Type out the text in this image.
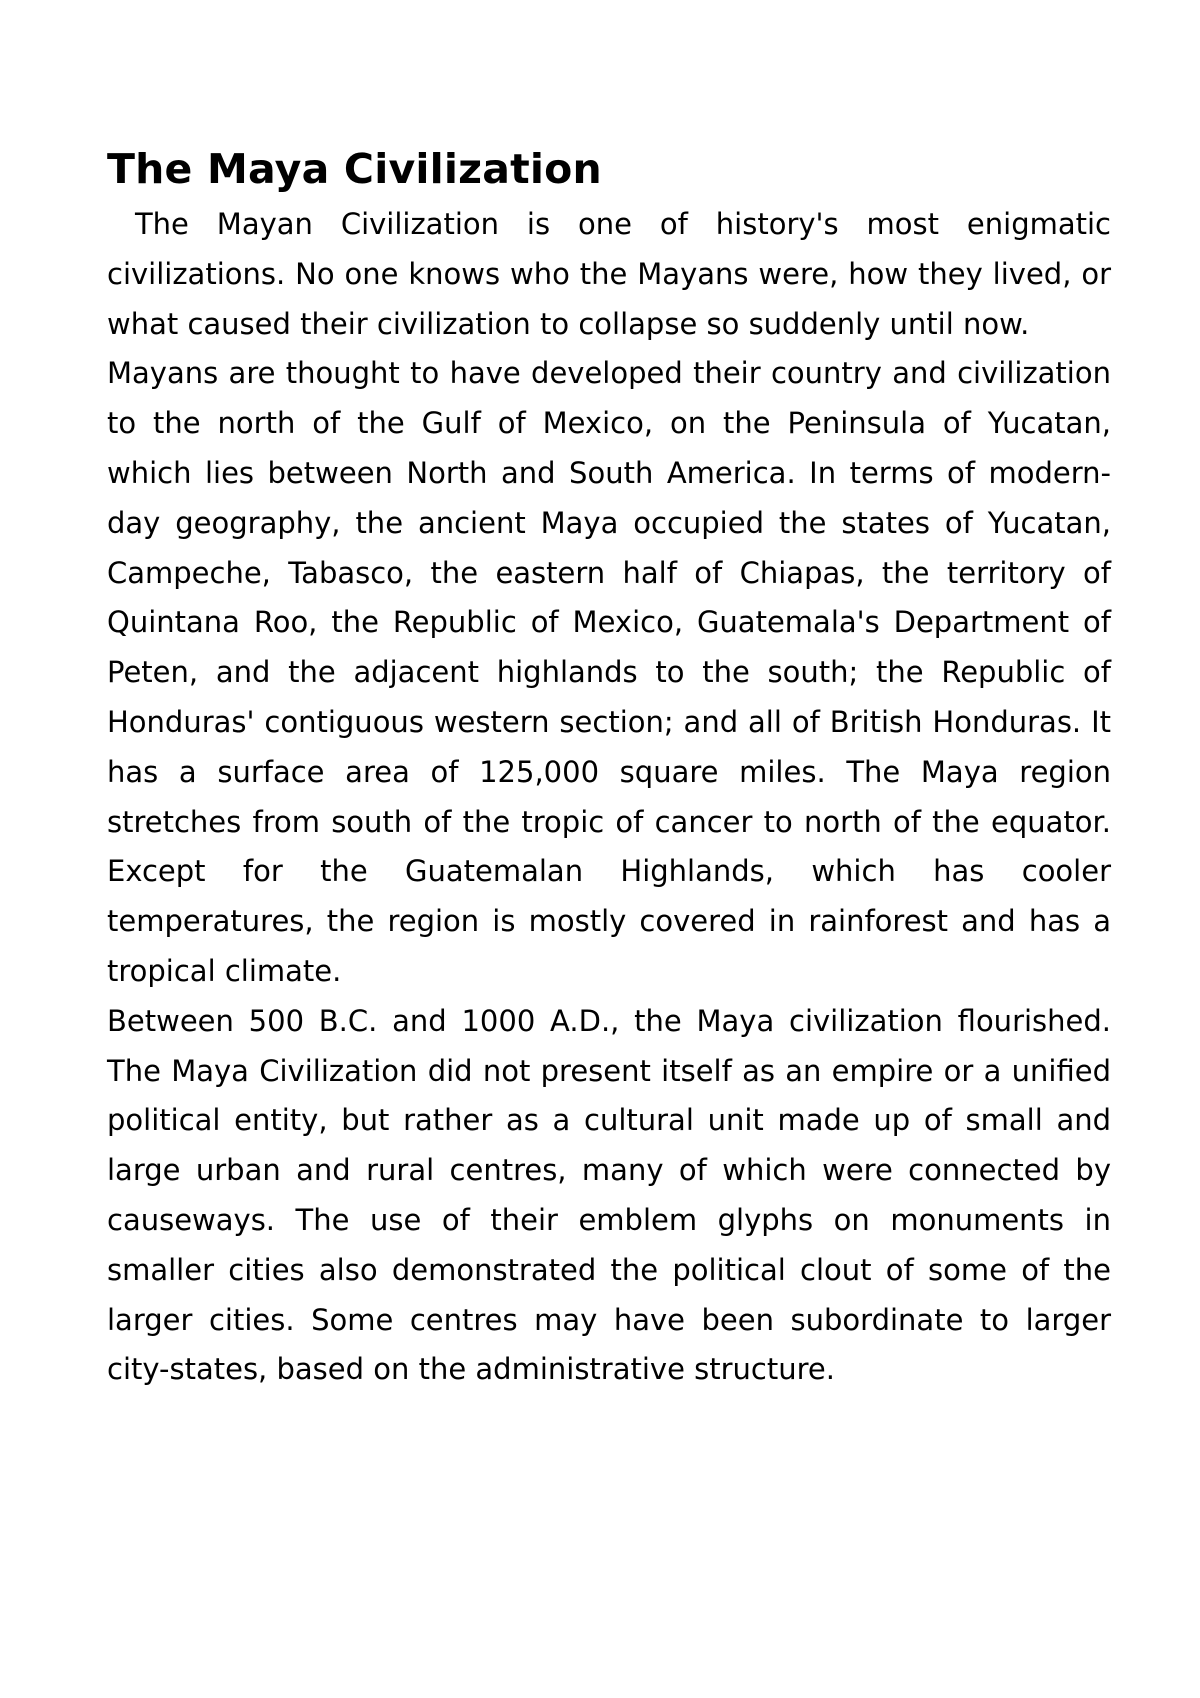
The Maya Civilization

The Mayan Civilization is one of history's most enigmatic civilizations. No one knows who the Mayans were, how they lived, or what caused their civilization to collapse so suddenly until now.

Mayans are thought to have developed their country and civilization to the north of the Gulf of Mexico, on the Peninsula of Yucatan, which lies between North and South America. In terms of modern-day geography, the ancient Maya occupied the states of Yucatan, Campeche, Tabasco, the eastern half of Chiapas, the territory of Quintana Roo, the Republic of Mexico, Guatemala's Department of Peten, and the adjacent highlands to the south; the Republic of Honduras' contiguous western section; and all of British Honduras. It has a surface area of 125,000 square miles. The Maya region stretches from south of the tropic of cancer to north of the equator. Except for the Guatemalan Highlands, which has cooler temperatures, the region is mostly covered in rainforest and has a tropical climate.

Between 500 B.C. and 1000 A.D., the Maya civilization flourished. The Maya Civilization did not present itself as an empire or a unified political entity, but rather as a cultural unit made up of small and large urban and rural centres, many of which were connected by causeways. The use of their emblem glyphs on monuments in smaller cities also demonstrated the political clout of some of the larger cities. Some centres may have been subordinate to larger city-states, based on the administrative structure.
